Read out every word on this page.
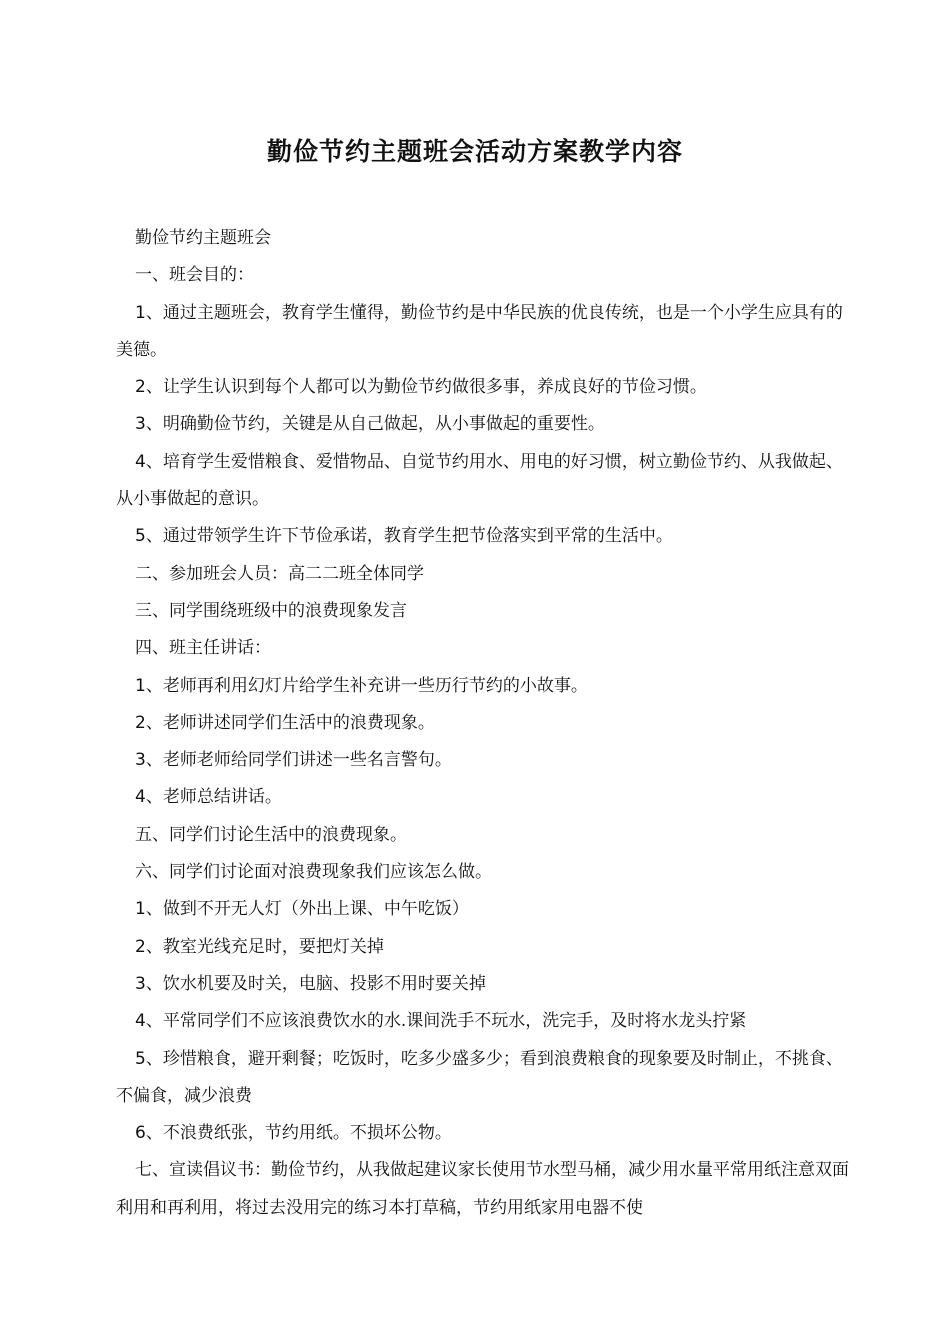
勤俭节约主题班会活动方案教学内容

勤俭节约主题班会

一、班会目的：

1、通过主题班会，教育学生懂得，勤俭节约是中华民族的优良传统，也是一个小学生应具有的美德。

2、让学生认识到每个人都可以为勤俭节约做很多事，养成良好的节俭习惯。

3、明确勤俭节约，关键是从自己做起，从小事做起的重要性。

4、培育学生爱惜粮食、爱惜物品、自觉节约用水、用电的好习惯，树立勤俭节约、从我做起、从小事做起的意识。

5、通过带领学生许下节俭承诺，教育学生把节俭落实到平常的生活中。

二、参加班会人员：高二二班全体同学

三、同学围绕班级中的浪费现象发言

四、班主任讲话：

1、老师再利用幻灯片给学生补充讲一些历行节约的小故事。

2、老师讲述同学们生活中的浪费现象。

3、老师老师给同学们讲述一些名言警句。

4、老师总结讲话。

五、同学们讨论生活中的浪费现象。

六、同学们讨论面对浪费现象我们应该怎么做。

1、做到不开无人灯（外出上课、中午吃饭）

2、教室光线充足时，要把灯关掉

3、饮水机要及时关，电脑、投影不用时要关掉

4、平常同学们不应该浪费饮水的水.课间洗手不玩水，洗完手，及时将水龙头拧紧

5、珍惜粮食，避开剩餐；吃饭时，吃多少盛多少；看到浪费粮食的现象要及时制止，不挑食、不偏食，减少浪费

6、不浪费纸张，节约用纸。不损坏公物。

七、宣读倡议书：勤俭节约，从我做起建议家长使用节水型马桶，减少用水量平常用纸注意双面利用和再利用，将过去没用完的练习本打草稿，节约用纸家用电器不使
